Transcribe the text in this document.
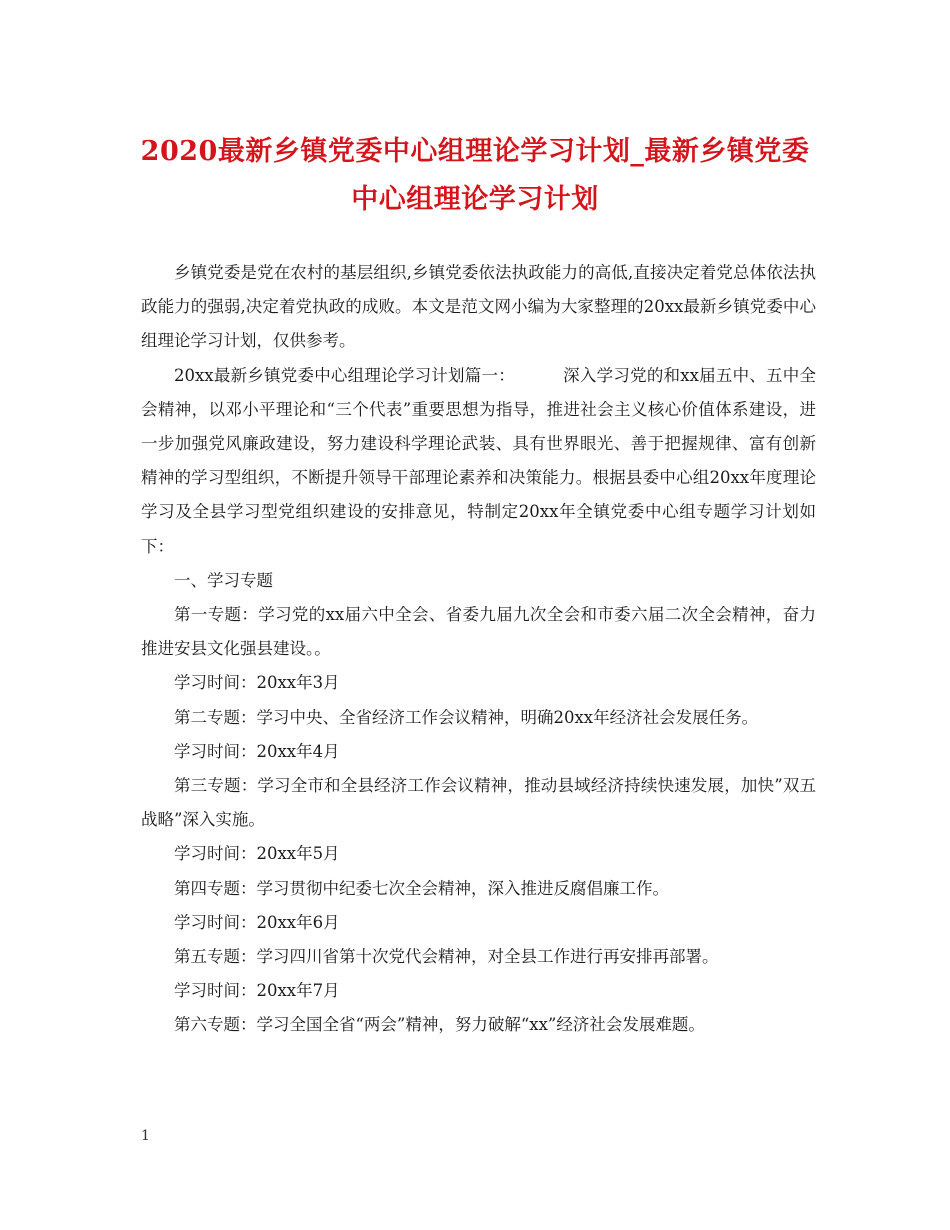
2020最新乡镇党委中心组理论学习计划_最新乡镇党委
中心组理论学习计划

乡镇党委是党在农村的基层组织,乡镇党委依法执政能力的高低,直接决定着党总体依法执政能力的强弱,决定着党执政的成败。本文是范文网小编为大家整理的20xx最新乡镇党委中心组理论学习计划，仅供参考。

20xx最新乡镇党委中心组理论学习计划篇一：	深入学习党的和xx届五中、五中全会精神，以邓小平理论和“三个代表”重要思想为指导，推进社会主义核心价值体系建设，进一步加强党风廉政建设，努力建设科学理论武装、具有世界眼光、善于把握规律、富有创新精神的学习型组织，不断提升领导干部理论素养和决策能力。根据县委中心组20xx年度理论学习及全县学习型党组织建设的安排意见，特制定20xx年全镇党委中心组专题学习计划如下：

一、学习专题

第一专题：学习党的xx届六中全会、省委九届九次全会和市委六届二次全会精神，奋力推进安县文化强县建设。。

学习时间：20xx年3月

第二专题：学习中央、全省经济工作会议精神，明确20xx年经济社会发展任务。

学习时间：20xx年4月

第三专题：学习全市和全县经济工作会议精神，推动县域经济持续快速发展，加快”双五战略”深入实施。

学习时间：20xx年5月

第四专题：学习贯彻中纪委七次全会精神，深入推进反腐倡廉工作。

学习时间：20xx年6月

第五专题：学习四川省第十次党代会精神，对全县工作进行再安排再部署。

学习时间：20xx年7月

第六专题：学习全国全省“两会”精神，努力破解“xx”经济社会发展难题。

1
